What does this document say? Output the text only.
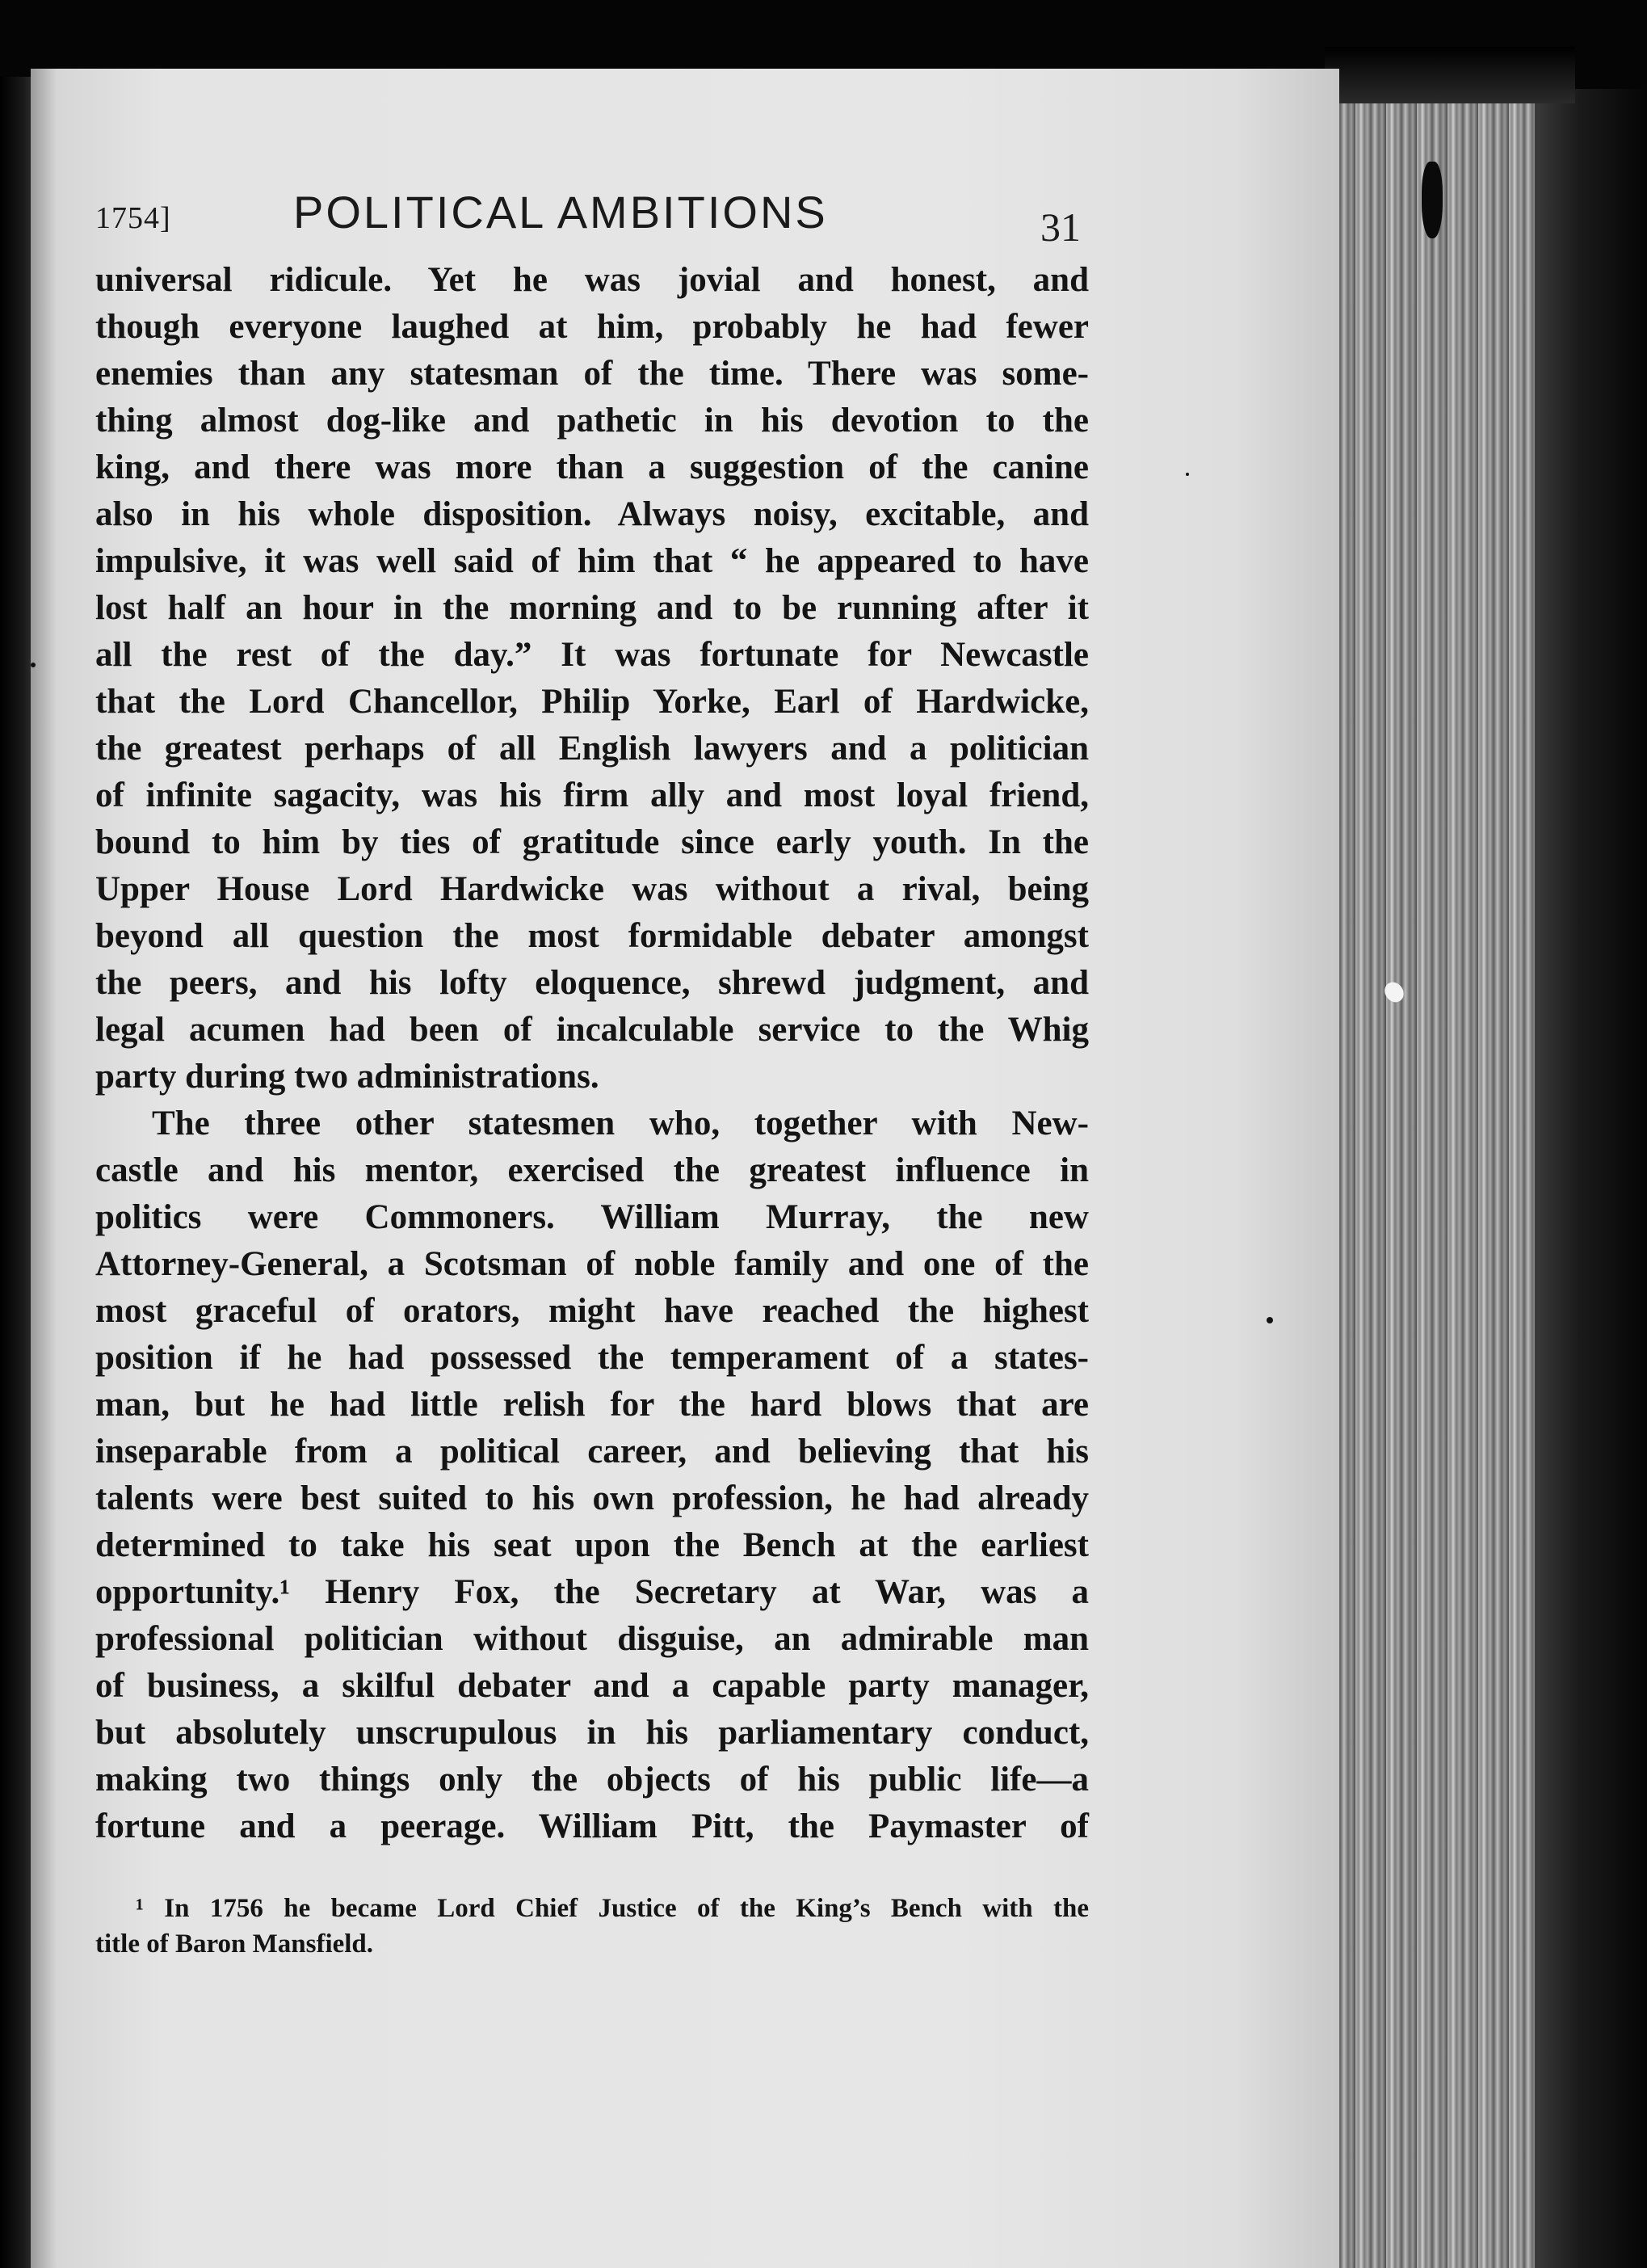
1754]	POLITICAL AMBITIONS	31
universal ridicule. Yet he was jovial and honest, and
though everyone laughed at him, probably he had fewer
enemies than any statesman of the time. There was some-
thing almost dog-like and pathetic in his devotion to the
king, and there was more than a suggestion of the canine
also in his whole disposition. Always noisy, excitable, and
impulsive, it was well said of him that “ he appeared to have
lost half an hour in the morning and to be running after it
all the rest of the day.” It was fortunate for Newcastle
that the Lord Chancellor, Philip Yorke, Earl of Hardwicke,
the greatest perhaps of all English lawyers and a politician
of infinite sagacity, was his firm ally and most loyal friend,
bound to him by ties of gratitude since early youth. In the
Upper House Lord Hardwicke was without a rival, being
beyond all question the most formidable debater amongst
the peers, and his lofty eloquence, shrewd judgment, and
legal acumen had been of incalculable service to the Whig
party during two administrations.
The three other statesmen who, together with New-
castle and his mentor, exercised the greatest influence in
politics were Commoners. William Murray, the new
Attorney-General, a Scotsman of noble family and one of the
most graceful of orators, might have reached the highest
position if he had possessed the temperament of a states-
man, but he had little relish for the hard blows that are
inseparable from a political career, and believing that his
talents were best suited to his own profession, he had already
determined to take his seat upon the Bench at the earliest
opportunity.¹ Henry Fox, the Secretary at War, was a
professional politician without disguise, an admirable man
of business, a skilful debater and a capable party manager,
but absolutely unscrupulous in his parliamentary conduct,
making two things only the objects of his public life—a
fortune and a peerage. William Pitt, the Paymaster of
¹ In 1756 he became Lord Chief Justice of the King’s Bench with the
title of Baron Mansfield.
